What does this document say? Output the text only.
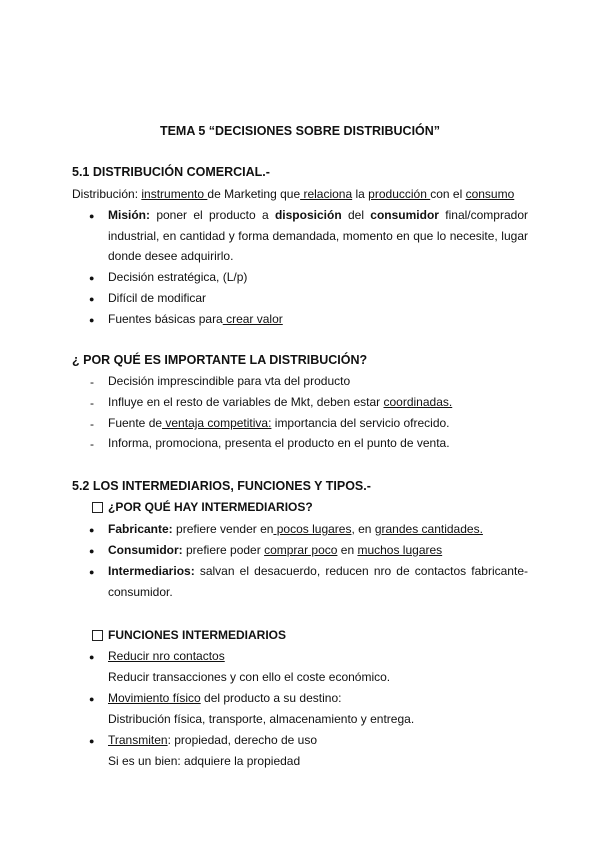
TEMA 5 “DECISIONES SOBRE DISTRIBUCIÓN”
5.1 DISTRIBUCIÓN COMERCIAL.-
Distribución: instrumento de Marketing que relaciona la producción con el consumo
● Misión: poner el producto a disposición del consumidor final/comprador industrial, en cantidad y forma demandada, momento en que lo necesite, lugar donde desee adquirirlo.
● Decisión estratégica, (L/p)
● Difícil de modificar
● Fuentes básicas para crear valor
¿ POR QUÉ ES IMPORTANTE LA DISTRIBUCIÓN?
- Decisión imprescindible para vta del producto
- Influye en el resto de variables de Mkt, deben estar coordinadas.
- Fuente de ventaja competitiva: importancia del servicio ofrecido.
- Informa, promociona, presenta el producto en el punto de venta.
5.2 LOS INTERMEDIARIOS, FUNCIONES Y TIPOS.-
¿POR QUÉ HAY INTERMEDIARIOS?
● Fabricante: prefiere vender en pocos lugares, en grandes cantidades.
● Consumidor: prefiere poder comprar poco en muchos lugares
● Intermediarios: salvan el desacuerdo, reducen nro de contactos fabricante-consumidor.
FUNCIONES INTERMEDIARIOS
● Reducir nro contactos
Reducir transacciones y con ello el coste económico.
● Movimiento físico del producto a su destino:
Distribución física, transporte, almacenamiento y entrega.
● Transmiten: propiedad, derecho de uso
Si es un bien: adquiere la propiedad
